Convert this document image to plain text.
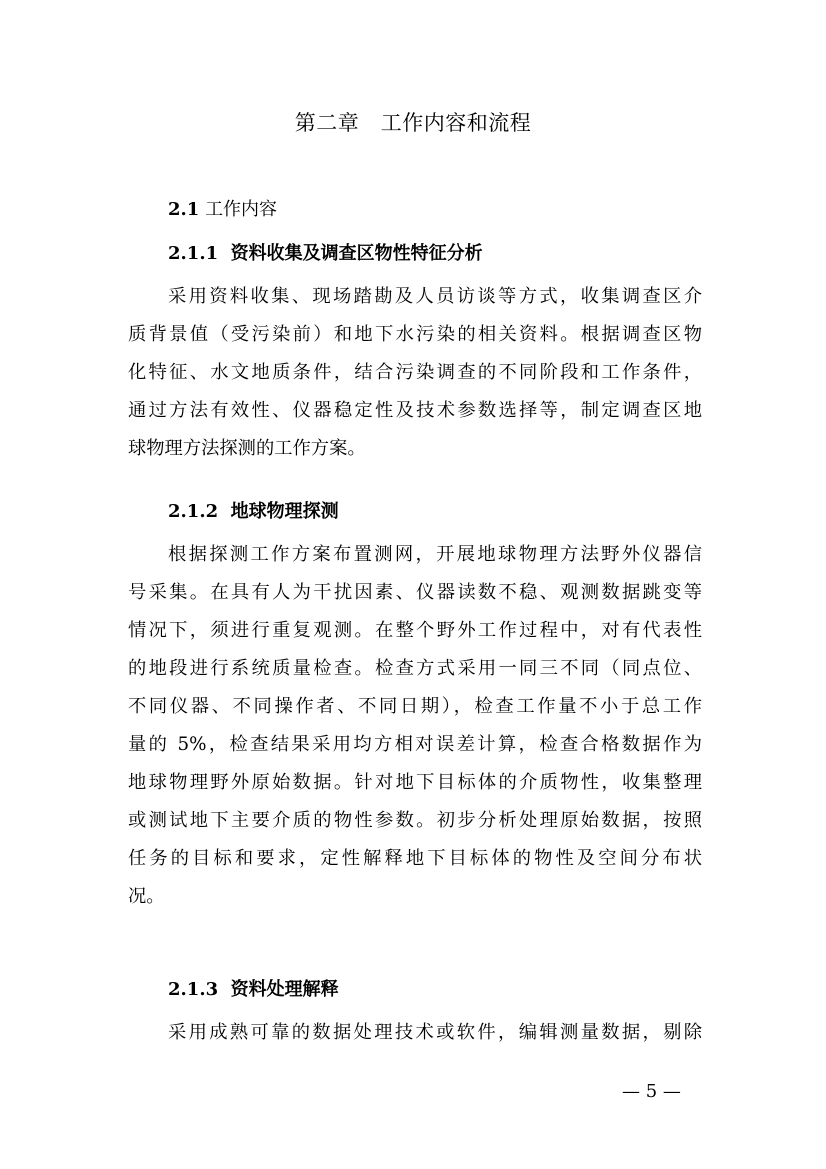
第二章　工作内容和流程
2.1 工作内容
2.1.1  资料收集及调查区物性特征分析
采用资料收集、现场踏勘及人员访谈等方式，收集调查区介
质背景值（受污染前）和地下水污染的相关资料。根据调查区物
化特征、水文地质条件，结合污染调查的不同阶段和工作条件，
通过方法有效性、仪器稳定性及技术参数选择等，制定调查区地
球物理方法探测的工作方案。
2.1.2  地球物理探测
根据探测工作方案布置测网，开展地球物理方法野外仪器信
号采集。在具有人为干扰因素、仪器读数不稳、观测数据跳变等
情况下，须进行重复观测。在整个野外工作过程中，对有代表性
的地段进行系统质量检查。检查方式采用一同三不同（同点位、
不同仪器、不同操作者、不同日期），检查工作量不小于总工作
量的 5%，检查结果采用均方相对误差计算，检查合格数据作为
地球物理野外原始数据。针对地下目标体的介质物性，收集整理
或测试地下主要介质的物性参数。初步分析处理原始数据，按照
任务的目标和要求，定性解释地下目标体的物性及空间分布状
况。
2.1.3  资料处理解释
采用成熟可靠的数据处理技术或软件，编辑测量数据，剔除
— 5 —
